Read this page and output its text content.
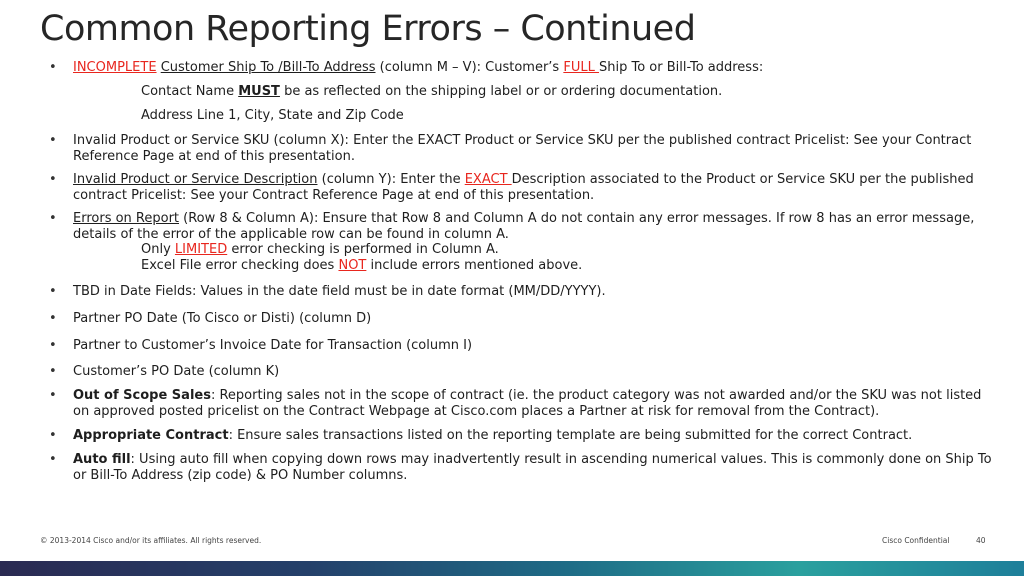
Common Reporting Errors – Continued
• INCOMPLETE Customer Ship To /Bill-To Address (column M – V): Customer’s FULL Ship To or Bill-To address:
Contact Name MUST be as reflected on the shipping label or or ordering documentation.
Address Line 1, City, State and Zip Code
• Invalid Product or Service SKU (column X): Enter the EXACT Product or Service SKU per the published contract Pricelist: See your Contract Reference Page at end of this presentation.
• Invalid Product or Service Description (column Y): Enter the EXACT Description associated to the Product or Service SKU per the published contract Pricelist: See your Contract Reference Page at end of this presentation.
• Errors on Report (Row 8 & Column A): Ensure that Row 8 and Column A do not contain any error messages. If row 8 has an error message, details of the error of the applicable row can be found in column A.
Only LIMITED error checking is performed in Column A.
Excel File error checking does NOT include errors mentioned above.
• TBD in Date Fields: Values in the date field must be in date format (MM/DD/YYYY).
• Partner PO Date (To Cisco or Disti) (column D)
• Partner to Customer’s Invoice Date for Transaction (column I)
• Customer’s PO Date (column K)
• Out of Scope Sales: Reporting sales not in the scope of contract (ie. the product category was not awarded and/or the SKU was not listed on approved posted pricelist on the Contract Webpage at Cisco.com places a Partner at risk for removal from the Contract).
• Appropriate Contract: Ensure sales transactions listed on the reporting template are being submitted for the correct Contract.
• Auto fill: Using auto fill when copying down rows may inadvertently result in ascending numerical values. This is commonly done on Ship To or Bill-To Address (zip code) & PO Number columns.
© 2013-2014 Cisco and/or its affiliates. All rights reserved.	Cisco Confidential	40
